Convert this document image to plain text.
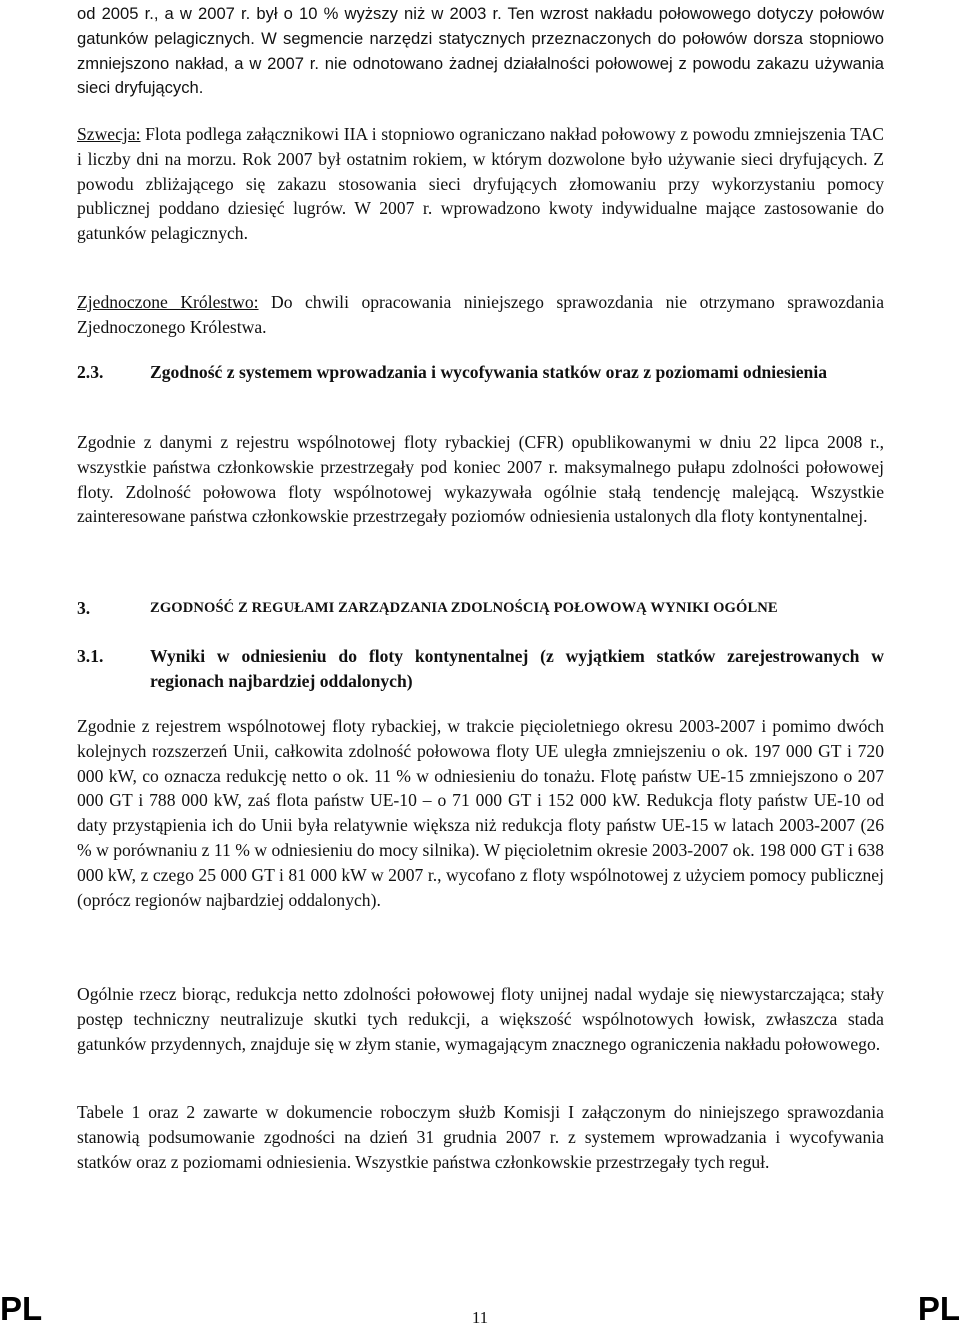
od 2005 r., a w 2007 r. był o 10 % wyższy niż w 2003 r. Ten wzrost nakładu połowowego dotyczy połowów gatunków pelagicznych. W segmencie narzędzi statycznych przeznaczonych do połowów dorsza stopniowo zmniejszono nakład, a w 2007 r. nie odnotowano żadnej działalności połowowej z powodu zakazu używania sieci dryfujących.

Szwecja: Flota podlega załącznikowi IIA i stopniowo ograniczano nakład połowowy z powodu zmniejszenia TAC i liczby dni na morzu. Rok 2007 był ostatnim rokiem, w którym dozwolone było używanie sieci dryfujących. Z powodu zbliżającego się zakazu stosowania sieci dryfujących złomowaniu przy wykorzystaniu pomocy publicznej poddano dziesięć lugrów. W 2007 r. wprowadzono kwoty indywidualne mające zastosowanie do gatunków pelagicznych.

Zjednoczone Królestwo: Do chwili opracowania niniejszego sprawozdania nie otrzymano sprawozdania Zjednoczonego Królestwa.

2.3.	Zgodność z systemem wprowadzania i wycofywania statków oraz z poziomami odniesienia

Zgodnie z danymi z rejestru wspólnotowej floty rybackiej (CFR) opublikowanymi w dniu 22 lipca 2008 r., wszystkie państwa członkowskie przestrzegały pod koniec 2007 r. maksymalnego pułapu zdolności połowowej floty. Zdolność połowowa floty wspólnotowej wykazywała ogólnie stałą tendencję malejącą. Wszystkie zainteresowane państwa członkowskie przestrzegały poziomów odniesienia ustalonych dla floty kontynentalnej.

3.	ZGODNOŚĆ Z REGUŁAMI ZARZĄDZANIA ZDOLNOŚCIĄ POŁOWOWĄ WYNIKI OGÓLNE

3.1.	Wyniki w odniesieniu do floty kontynentalnej (z wyjątkiem statków zarejestrowanych w regionach najbardziej oddalonych)

Zgodnie z rejestrem wspólnotowej floty rybackiej, w trakcie pięcioletniego okresu 2003-2007 i pomimo dwóch kolejnych rozszerzeń Unii, całkowita zdolność połowowa floty UE uległa zmniejszeniu o ok. 197 000 GT i 720 000 kW, co oznacza redukcję netto o ok. 11 % w odniesieniu do tonażu. Flotę państw UE-15 zmniejszono o 207 000 GT i 788 000 kW, zaś flota państw UE-10 – o 71 000 GT i 152 000 kW. Redukcja floty państw UE-10 od daty przystąpienia ich do Unii była relatywnie większa niż redukcja floty państw UE-15 w latach 2003-2007 (26 % w porównaniu z 11 % w odniesieniu do mocy silnika). W pięcioletnim okresie 2003-2007 ok. 198 000 GT i 638 000 kW, z czego 25 000 GT i 81 000 kW w 2007 r., wycofano z floty wspólnotowej z użyciem pomocy publicznej (oprócz regionów najbardziej oddalonych).

Ogólnie rzecz biorąc, redukcja netto zdolności połowowej floty unijnej nadal wydaje się niewystarczająca; stały postęp techniczny neutralizuje skutki tych redukcji, a większość wspólnotowych łowisk, zwłaszcza stada gatunków przydennych, znajduje się w złym stanie, wymagającym znacznego ograniczenia nakładu połowowego.

Tabele 1 oraz 2 zawarte w dokumencie roboczym służb Komisji I załączonym do niniejszego sprawozdania stanowią podsumowanie zgodności na dzień 31 grudnia 2007 r. z systemem wprowadzania i wycofywania statków oraz z poziomami odniesienia. Wszystkie państwa członkowskie przestrzegały tych reguł.

PL	11	PL
